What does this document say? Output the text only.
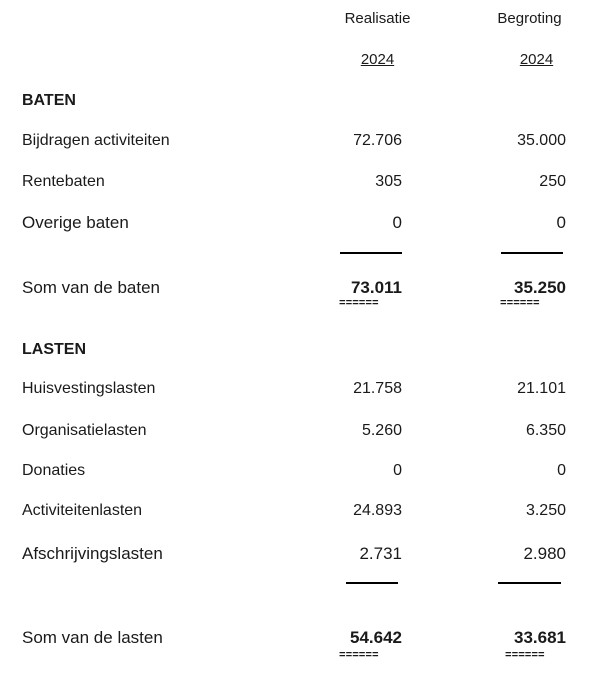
Realisatie	Begroting
2024	2024
BATEN
Bijdragen activiteiten	72.706	35.000
Rentebaten	305	250
Overige baten	0	0
Som van de baten	73.011	35.250
======	======
LASTEN
Huisvestingslasten	21.758	21.101
Organisatielasten	5.260	6.350
Donaties	0	0
Activiteitenlasten	24.893	3.250
Afschrijvingslasten	2.731	2.980
Som van de lasten	54.642	33.681
======	======
